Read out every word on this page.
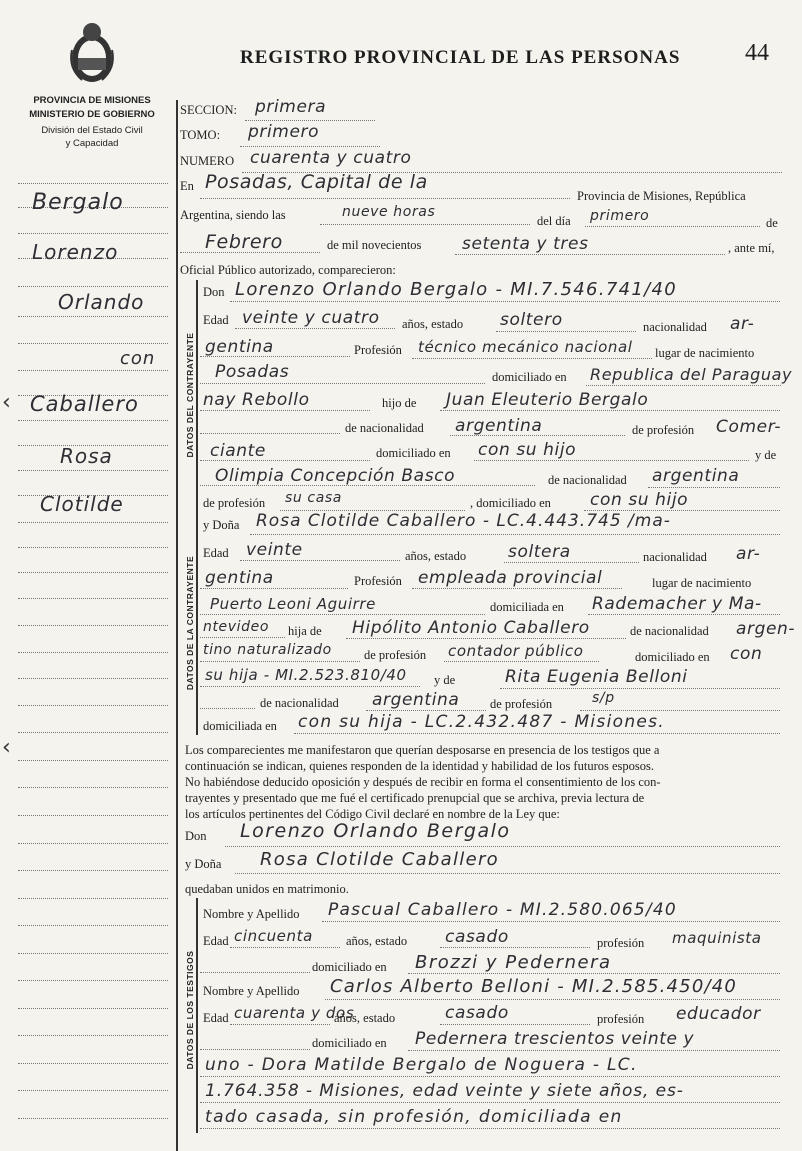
PROVINCIA DE MISIONES
MINISTERIO DE GOBIERNO
División del Estado Civil
y Capacidad
REGISTRO PROVINCIAL DE LAS PERSONAS	44
Bergalo
Lorenzo
Orlando
con
Caballero
Rosa
Clotilde
‹
‹
SECCION: primera
TOMO: primero
NUMERO cuarenta y cuatro
En Posadas, Capital de la
Provincia de Misiones, República
Argentina, siendo las	nueve horas
del día primero	de
Febrero	de mil novecientos setenta y tres	, ante mí,
Oficial Público autorizado, comparecieron:
DATOS DEL CONTRAYENTE
Don Lorenzo Orlando Bergalo - MI.7.546.741/40
Edad veinte y cuatro años, estado soltero	nacionalidad ar-
gentina	Profesión técnico mecánico nacional lugar de nacimiento
Posadas	domiciliado en Republica del Paraguay
nay Rebollo	hijo de Juan Eleuterio Bergalo
de nacionalidad argentina	de profesión Comer-
ciante	domiciliado en con su hijo	y de
Olimpia Concepción Basco	de nacionalidad argentina
de profesión su casa	, domiciliado en con su hijo
DATOS DE LA CONTRAYENTE
y Doña Rosa Clotilde Caballero - LC.4.443.745 /ma-
Edad veinte	años, estado soltera	nacionalidad ar-
gentina	Profesión empleada provincial	lugar de nacimiento
Puerto Leoni Aguirre	domiciliada en Rademacher y Ma-
ntevideo hija de Hipólito Antonio Caballero	de nacionalidad argen-
tino naturalizado	de profesión contador público	domiciliado en con
su hija - MI.2.523.810/40 y de	Rita Eugenia Belloni
de nacionalidad argentina de profesión	s/p
domiciliada en con su hija - LC.2.432.487 - Misiones.
Los comparecientes me manifestaron que querían desposarse en presencia de los testigos que a
continuación se indican, quienes responden de la identidad y habilidad de los futuros esposos.
No habiéndose deducido oposición y después de recibir en forma el consentimiento de los con-
trayentes y presentado que me fué el certificado prenupcial que se archiva, previa lectura de
los artículos pertinentes del Código Civil declaré en nombre de la Ley que:
Don Lorenzo Orlando Bergalo
y Doña Rosa Clotilde Caballero
quedaban unidos en matrimonio.
DATOS DE LOS TESTIGOS
Nombre y Apellido Pascual Caballero - MI.2.580.065/40
Edad cincuenta	años, estado casado	profesión maquinista
domiciliado en Brozzi y Pedernera
Nombre y Apellido Carlos Alberto Belloni - MI.2.585.450/40
Edad cuarenta y dos
años, estado	casado	profesión educador
domiciliado en Pedernera trescientos veinte y
uno - Dora Matilde Bergalo de Noguera - LC.
1.764.358 - Misiones, edad veinte y siete años, es-
tado casada, sin profesión, domiciliada en
